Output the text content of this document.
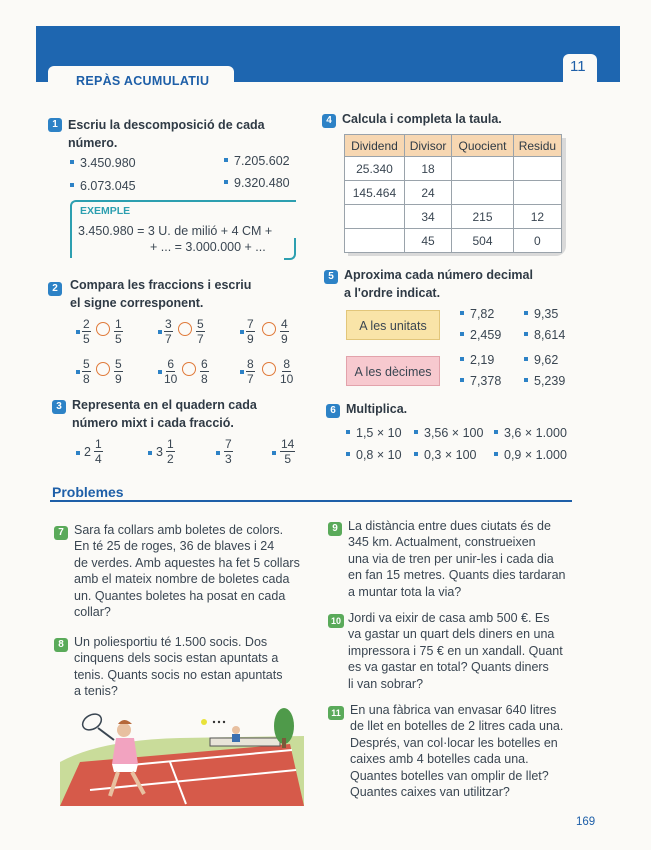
REPÀS ACUMULATIU
11
1 Escriu la descomposició de cada
número.
3.450.980	7.205.602
6.073.045	9.320.480
EXEMPLE
3.450.980 = 3 U. de milió + 4 CM +
+ ... = 3.000.000 + ...
2 Compara les fraccions i escriu
el signe corresponent.
$\frac{2}{5} \frac{1}{5}$	$\frac{3}{7} \frac{5}{7}$	$\frac{7}{9} \frac{4}{9}$
$\frac{5}{8} \frac{5}{9}$	$\frac{6}{10} \frac{6}{8}$	$\frac{8}{7} \frac{8}{10}$
3 Representa en el quadern cada
número mixt i cada fracció.
$2 \frac{1}{4}$	$3 \frac{1}{2}$	$\frac{7}{3}$	$\frac{14}{5}$
4 Calcula i completa la taula.
Dividend	Divisor	Quocient	Residu
25.340	18		
145.464	24		
	34	215	12
	45	504	0
5 Aproxima cada número decimal
a l'ordre indicat.
A les unitats
7,82	9,35
2,459	8,614
A les dècimes
2,19	9,62
7,378	5,239
6 Multiplica.
1,5 × 10	3,56 × 100	3,6 × 1.000
0,8 × 10	0,3 × 100	0,9 × 1.000
Problemes
7 Sara fa collars amb boletes de colors.
En té 25 de roges, 36 de blaves i 24
de verdes. Amb aquestes ha fet 5 collars
amb el mateix nombre de boletes cada
un. Quantes boletes ha posat en cada
collar?
8 Un poliesportiu té 1.500 socis. Dos
cinquens dels socis estan apuntats a
tenis. Quants socis no estan apuntats
a tenis?
9 La distància entre dues ciutats és de
345 km. Actualment, construeixen
una via de tren per unir-les i cada dia
en fan 15 metres. Quants dies tardaran
a muntar tota la via?
10 Jordi va eixir de casa amb 500 €. Es
va gastar un quart dels diners en una
impressora i 75 € en un xandall. Quant
es va gastar en total? Quants diners
li van sobrar?
11 En una fàbrica van envasar 640 litres
de llet en botelles de 2 litres cada una.
Després, van col·locar les botelles en
caixes amb 4 botelles cada una.
Quantes botelles van omplir de llet?
Quantes caixes van utilitzar?
169
